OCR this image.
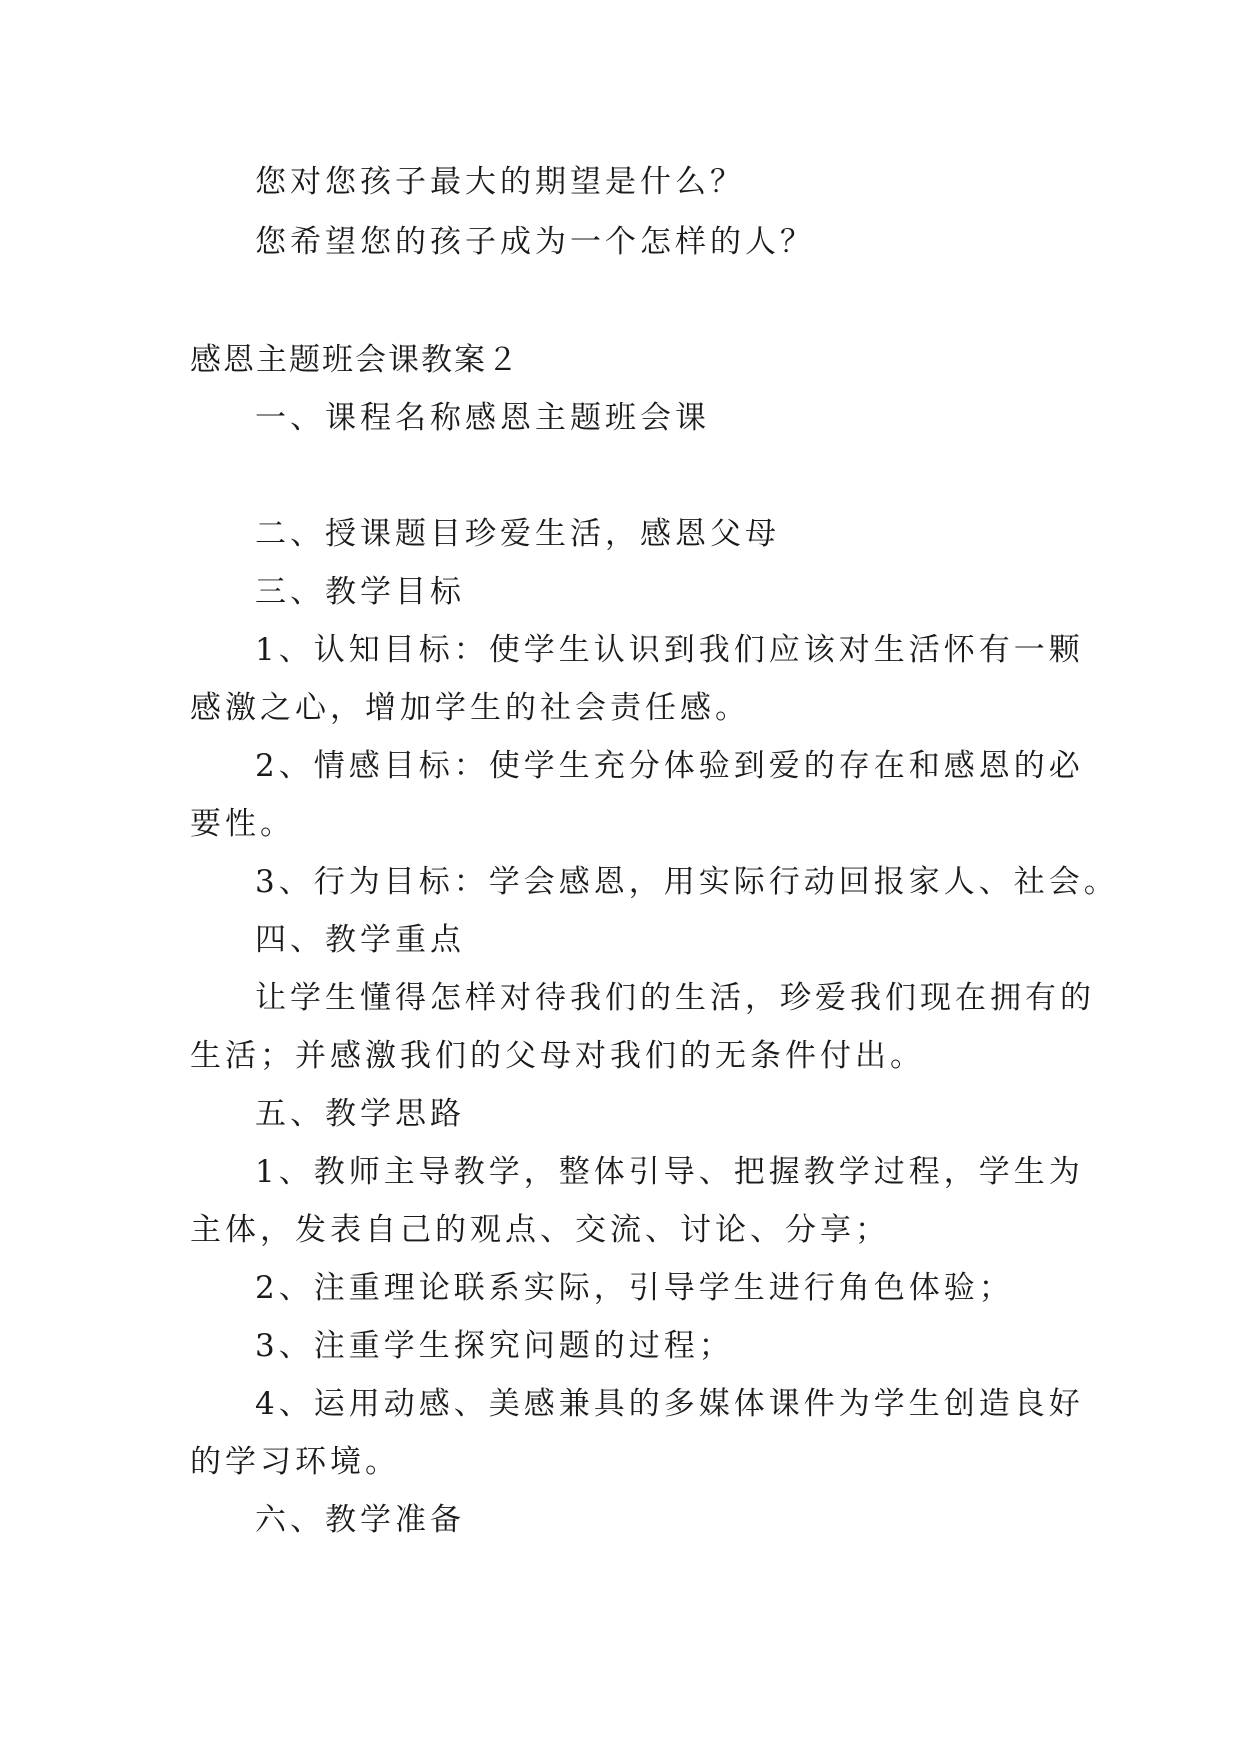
您对您孩子最大的期望是什么？
您希望您的孩子成为一个怎样的人？
感恩主题班会课教案２
一、课程名称感恩主题班会课
二、授课题目珍爱生活，感恩父母
三、教学目标
1、认知目标：使学生认识到我们应该对生活怀有一颗
感激之心，增加学生的社会责任感。
2、情感目标：使学生充分体验到爱的存在和感恩的必
要性。
3、行为目标：学会感恩，用实际行动回报家人、社会。
四、教学重点
让学生懂得怎样对待我们的生活，珍爱我们现在拥有的
生活；并感激我们的父母对我们的无条件付出。
五、教学思路
1、教师主导教学，整体引导、把握教学过程，学生为
主体，发表自己的观点、交流、讨论、分享；
2、注重理论联系实际，引导学生进行角色体验；
3、注重学生探究问题的过程；
4、运用动感、美感兼具的多媒体课件为学生创造良好
的学习环境。
六、教学准备
